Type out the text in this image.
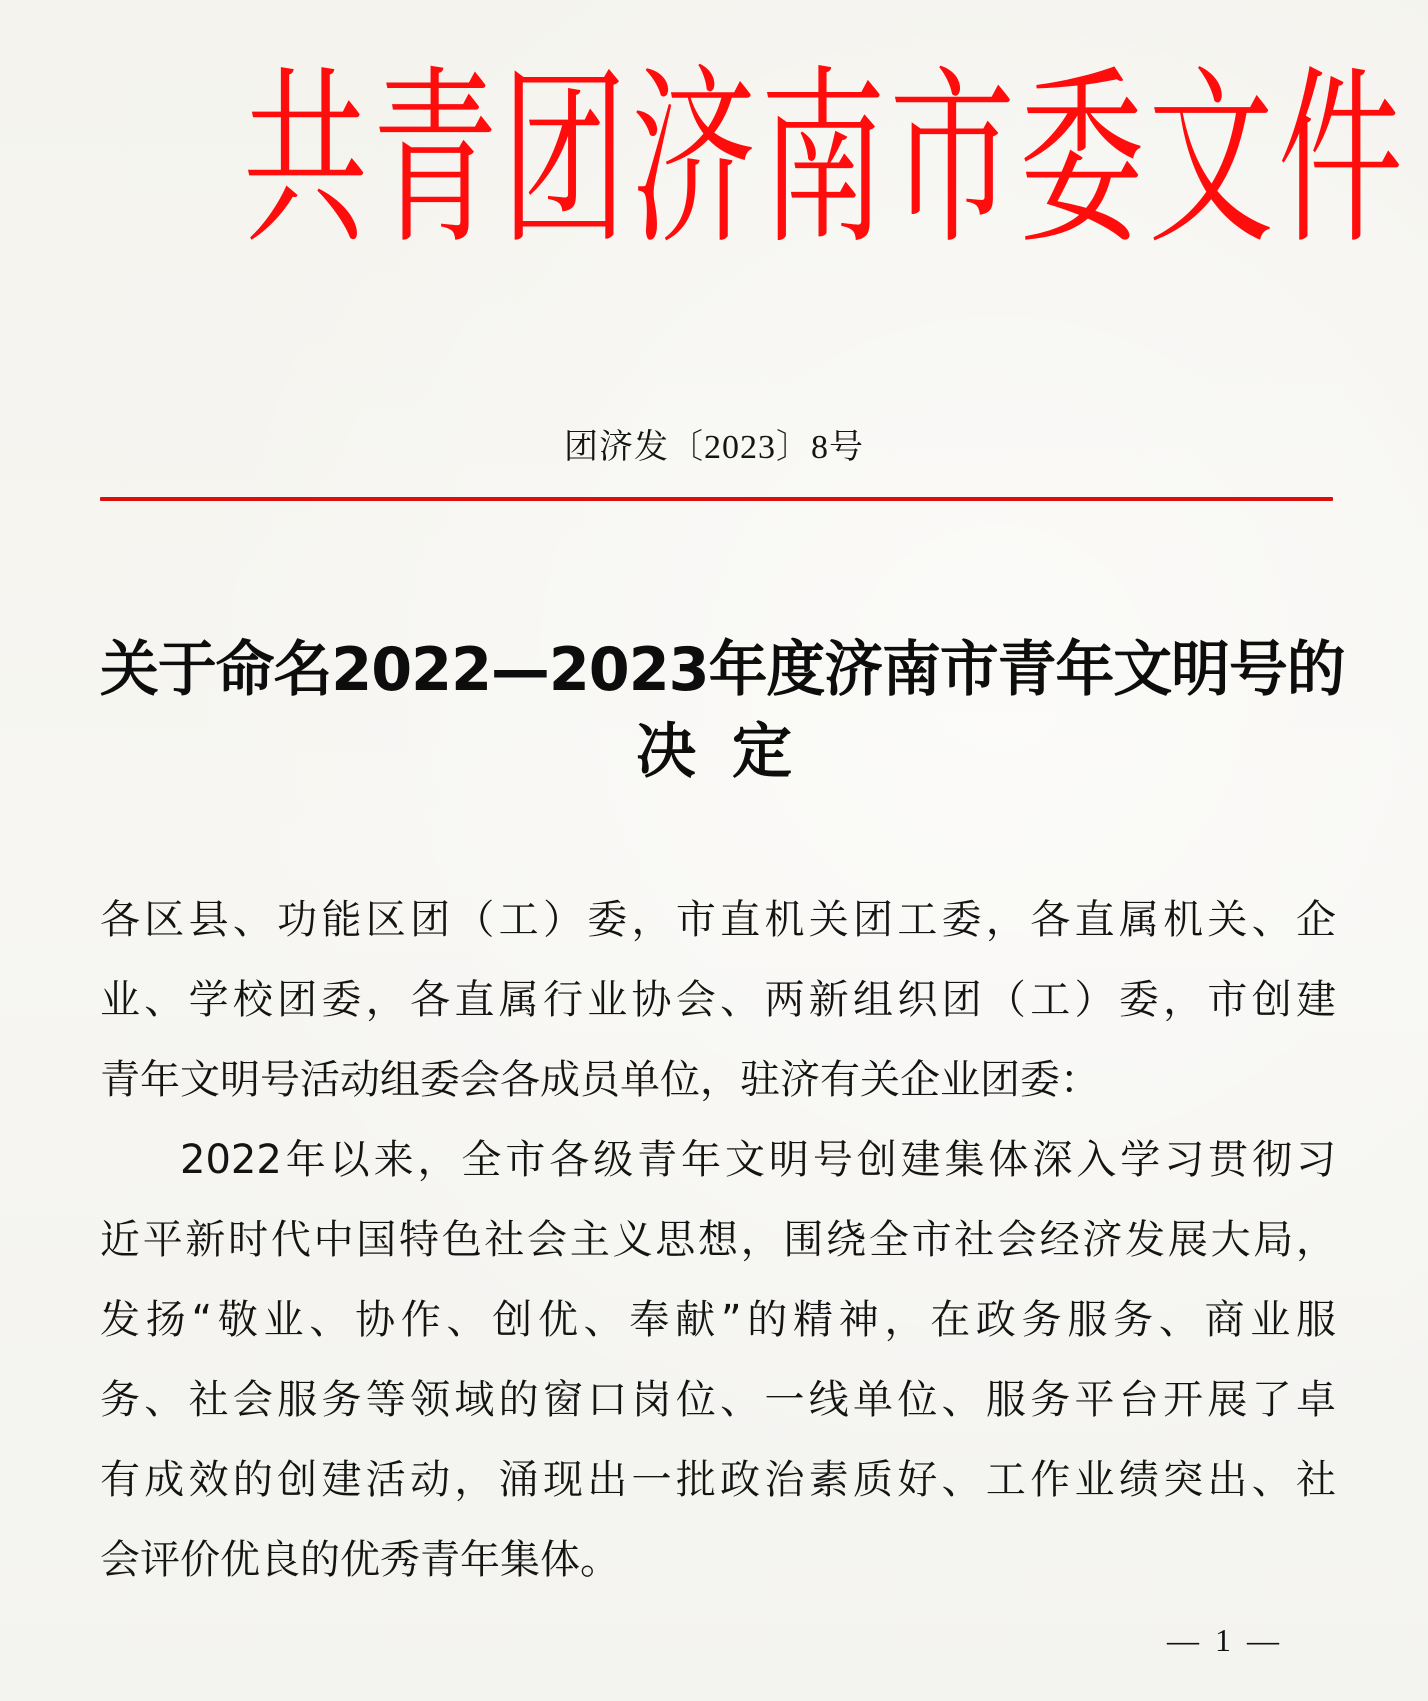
共青团济南市委文件
团济发〔2023〕8号
关于命名2022—2023年度济南市青年文明号的
决定
各区县、功能区团（工）委，市直机关团工委，各直属机关、企
业、学校团委，各直属行业协会、两新组织团（工）委，市创建
青年文明号活动组委会各成员单位，驻济有关企业团委：
2022年以来，全市各级青年文明号创建集体深入学习贯彻习
近平新时代中国特色社会主义思想，围绕全市社会经济发展大局，
发扬“敬业、协作、创优、奉献”的精神，在政务服务、商业服
务、社会服务等领域的窗口岗位、一线单位、服务平台开展了卓
有成效的创建活动，涌现出一批政治素质好、工作业绩突出、社
会评价优良的优秀青年集体。
— 1 —
